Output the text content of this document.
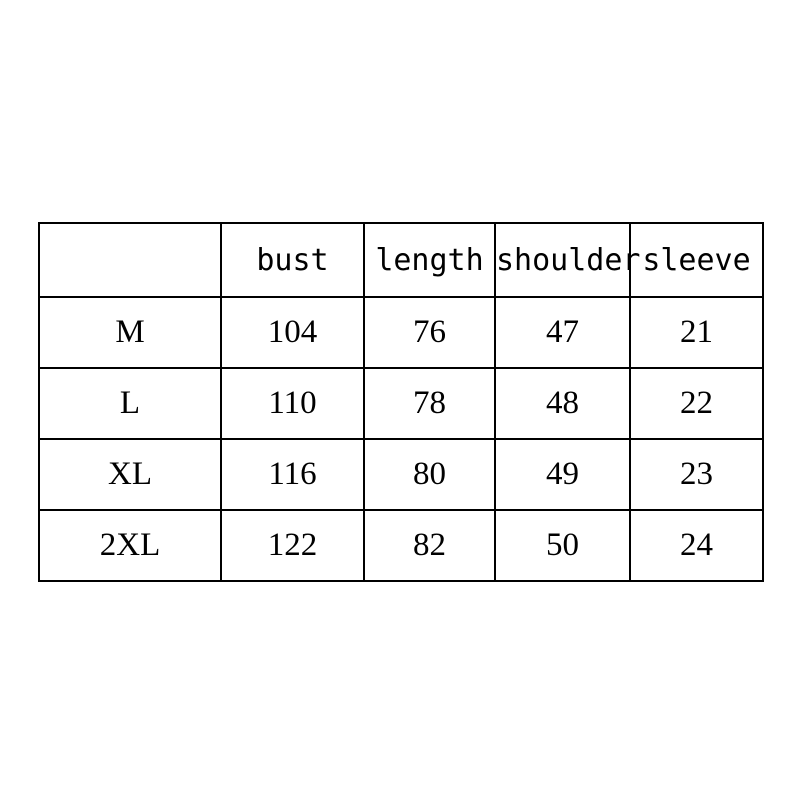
	bust	length	shoulder	sleeve
M	104	76	47	21
L	110	78	48	22
XL	116	80	49	23
2XL	122	82	50	24
